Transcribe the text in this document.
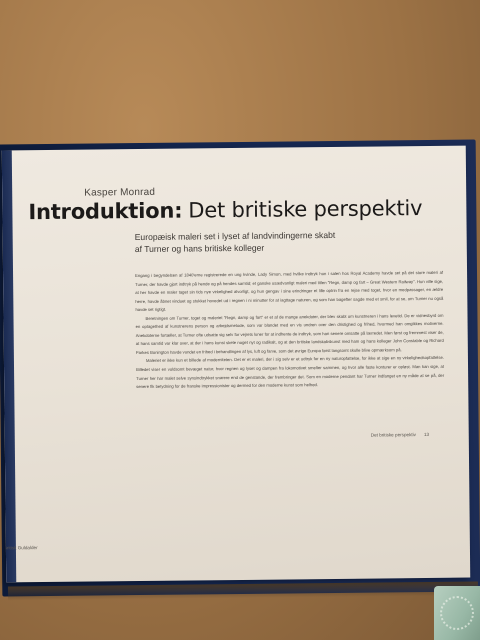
Kasper Monrad
Introduktion: Det britiske perspektiv
Europæisk maleri set i lyset af landvindingerne skabt af Turner og hans britiske kolleger

Engang i begyndelsen af 1840'erne registrerede en ung kvinde, Lady Simon, med hvilke indtryk hun i salen hos Royal Academy havde set på det store maleri af Turner, der havde gjort indtryk på hende og på hendes samtid; et ganske usædvanligt maleri med titlen "Regn, damp og fart – Great Western Railway". Hun ville sige, at her havde en maler taget sin tids nye virkelighed alvorligt, og hun gengav i sine erindringer et lille optrin fra en rejse med toget, hvor en medpassager, en ældre herre, havde åbnet vinduet og stukket hovedet ud i regnen i ni minutter for at iagttage naturen, og som han bagefter sagde med et smil, for at se, om Turner nu også havde set rigtigt.

Beretningen om Turner, toget og maleriet "Regn, damp og fart" er et af de mange anekdoter, der blev skabt om kunstneren i hans levetid. De er vidnesbyrd om en optagethed af kunstnerens person og arbejdsmetode, som var blandet med en vis undren over den dristighed og frihed, hvormed han omgikkes motiverne. Anekdoterne fortæller, at Turner ofte udsatte sig selv for vejrets luner for at indhente de indtryk, som han senere omsatte på lærredet. Men først og fremmest viser de, at hans samtid var klar over, at der i hans kunst skete noget nyt og radikalt, og at den britiske landskabskunst med ham og hans kolleger John Constable og Richard Parkes Bonington havde vundet en frihed i behandlingen af lys, luft og farve, som det øvrige Europa først langsomt skulle blive opmærksom på.

Maleriet er ikke kun et billede af moderniteten. Det er et maleri, der i sig selv er et udtryk for en ny naturopfattelse, for ikke at sige en ny virkelighedsopfattelse. Billedet viser en voldsomt bevæget natur, hvor regnen og lyset og dampen fra lokomotivet smelter sammen, og hvor alle faste konturer er opløst. Man kan sige, at Turner her har malet selve synsindtrykket snarere end de genstande, der frembringer det. Som en moderne pendant har Turner indfanget en ny måde at se på, der senere fik betydning for de franske impressionister og dermed for den moderne kunst som helhed.

Britisk Guldalder
Det britiske perspektiv 13
